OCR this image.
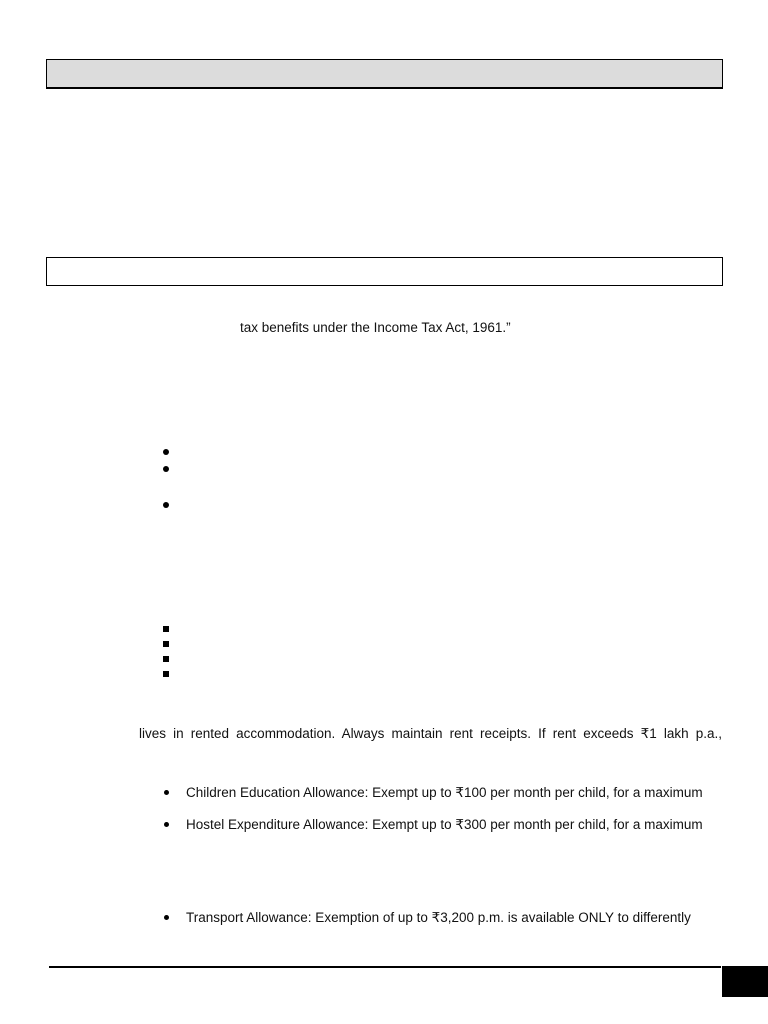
tax benefits under the Income Tax Act, 1961.”
lives in rented accommodation. Always maintain rent receipts. If rent exceeds ₹1 lakh p.a.,
Children Education Allowance: Exempt up to ₹100 per month per child, for a maximum
Hostel Expenditure Allowance: Exempt up to ₹300 per month per child, for a maximum
Transport Allowance: Exemption of up to ₹3,200 p.m. is available ONLY to differently
